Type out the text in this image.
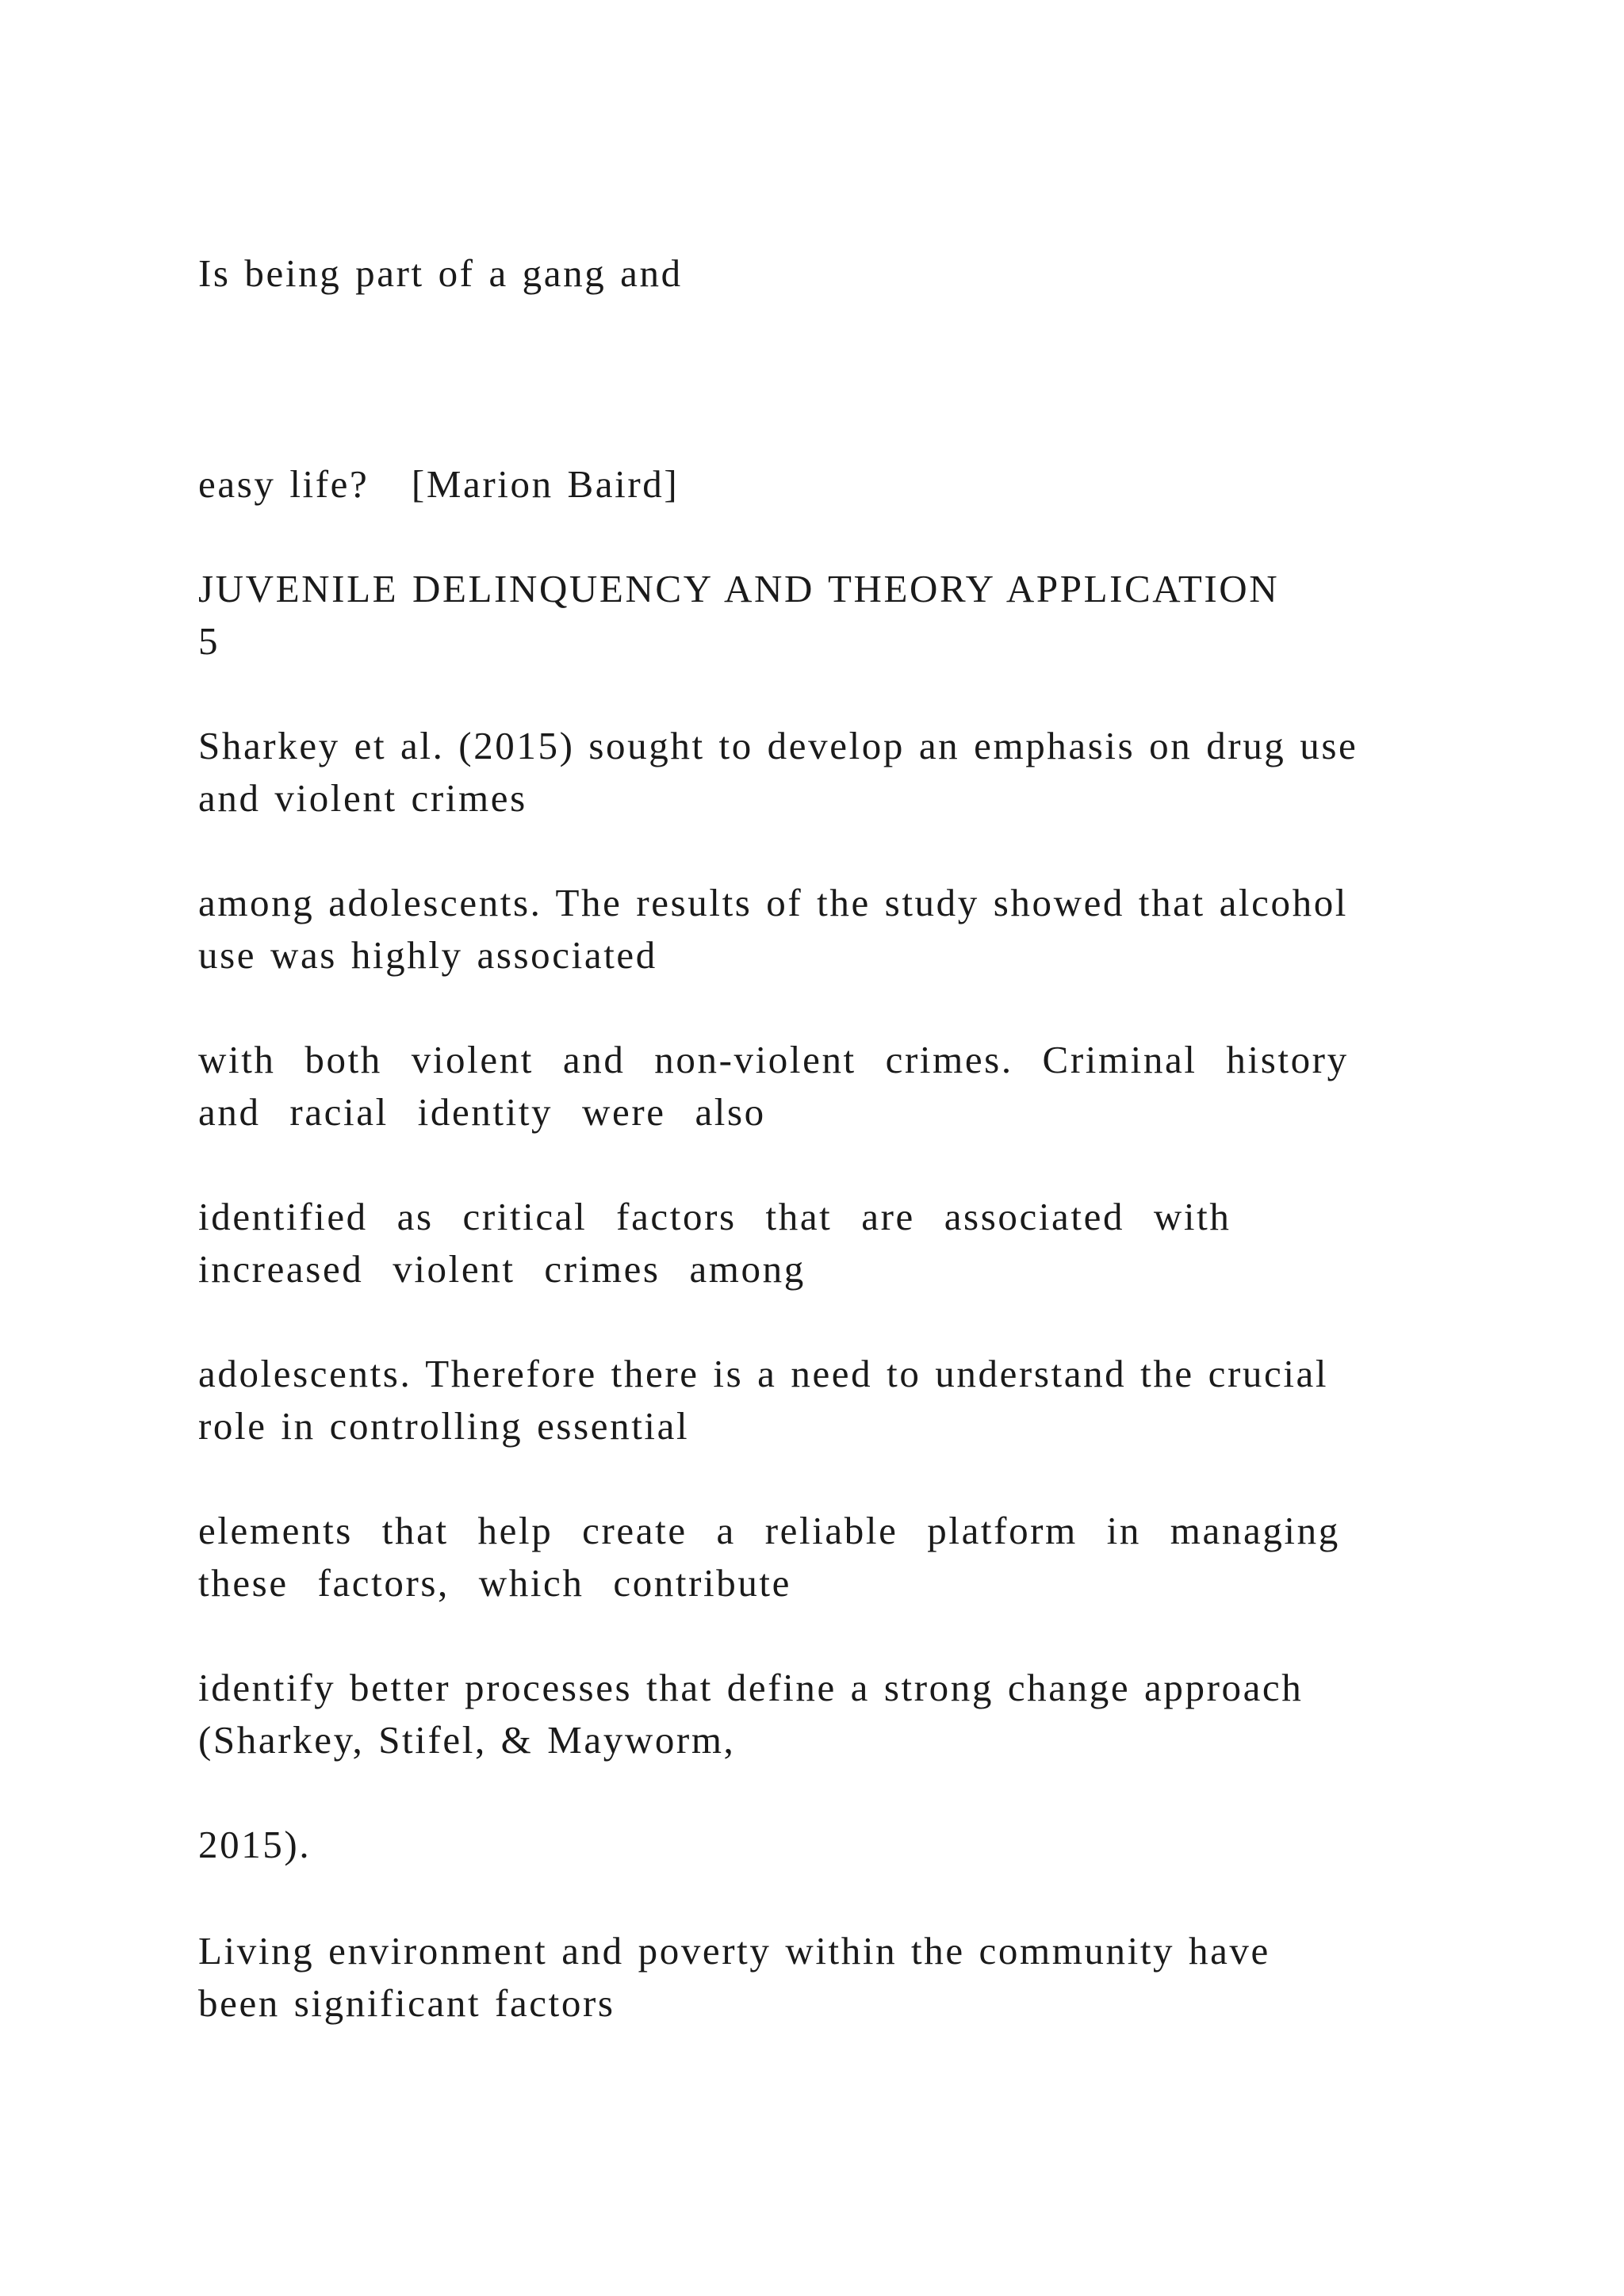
Is being part of a gang and

easy life?   [Marion Baird]

JUVENILE DELINQUENCY AND THEORY APPLICATION
5
Sharkey et al. (2015) sought to develop an emphasis on drug use
and violent crimes
among adolescents. The results of the study showed that alcohol
use was highly associated
with both violent and non-violent crimes. Criminal history
and racial identity were also
identified as critical factors that are associated with
increased violent crimes among
adolescents. Therefore there is a need to understand the crucial
role in controlling essential
elements that help create a reliable platform in managing
these factors, which contribute
identify better processes that define a strong change approach
(Sharkey, Stifel, & Mayworm,
2015).
Living environment and poverty within the community have
been significant factors
